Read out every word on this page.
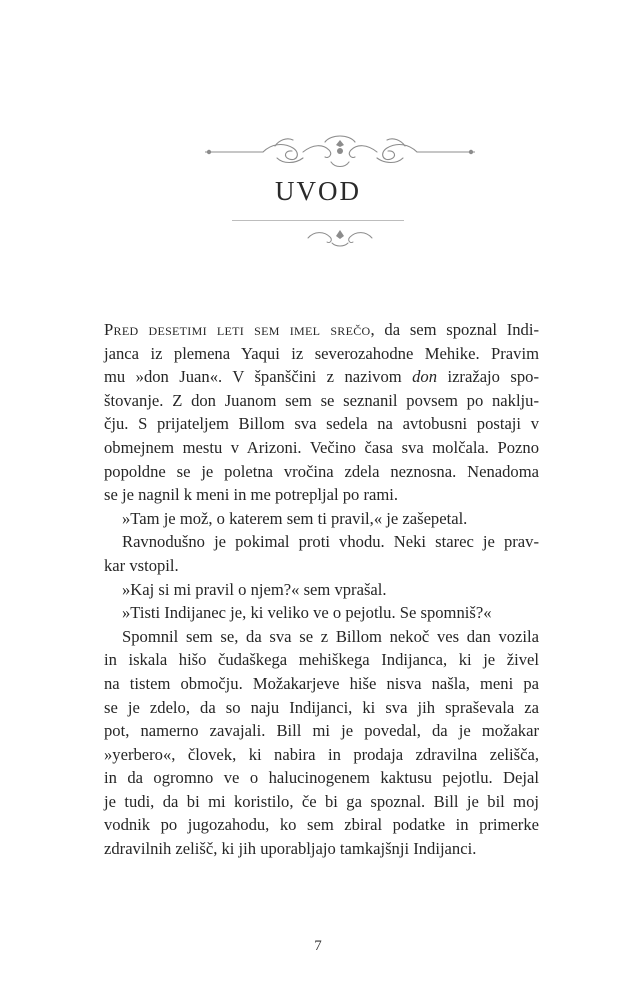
UVOD
Pred desetimi leti sem imel srečo, da sem spoznal Indi-
janca iz plemena Yaqui iz severozahodne Mehike. Pravim
mu »don Juan«. V španščini z nazivom don izražajo spo-
štovanje. Z don Juanom sem se seznanil povsem po naklju-
čju. S prijateljem Billom sva sedela na avtobusni postaji v
obmejnem mestu v Arizoni. Večino časa sva molčala. Pozno
popoldne se je poletna vročina zdela neznosna. Nenadoma
se je nagnil k meni in me potrepljal po rami.
»Tam je mož, o katerem sem ti pravil,« je zašepetal.
Ravnodušno je pokimal proti vhodu. Neki starec je prav-
kar vstopil.
»Kaj si mi pravil o njem?« sem vprašal.
»Tisti Indijanec je, ki veliko ve o pejotlu. Se spomniš?«
Spomnil sem se, da sva se z Billom nekoč ves dan vozila
in iskala hišo čudaškega mehiškega Indijanca, ki je živel
na tistem območju. Možakarjeve hiše nisva našla, meni pa
se je zdelo, da so naju Indijanci, ki sva jih spraševala za
pot, namerno zavajali. Bill mi je povedal, da je možakar
»yerbero«, človek, ki nabira in prodaja zdravilna zelišča,
in da ogromno ve o halucinogenem kaktusu pejotlu. Dejal
je tudi, da bi mi koristilo, če bi ga spoznal. Bill je bil moj
vodnik po jugozahodu, ko sem zbiral podatke in primerke
zdravilnih zelišč, ki jih uporabljajo tamkajšnji Indijanci.
7
